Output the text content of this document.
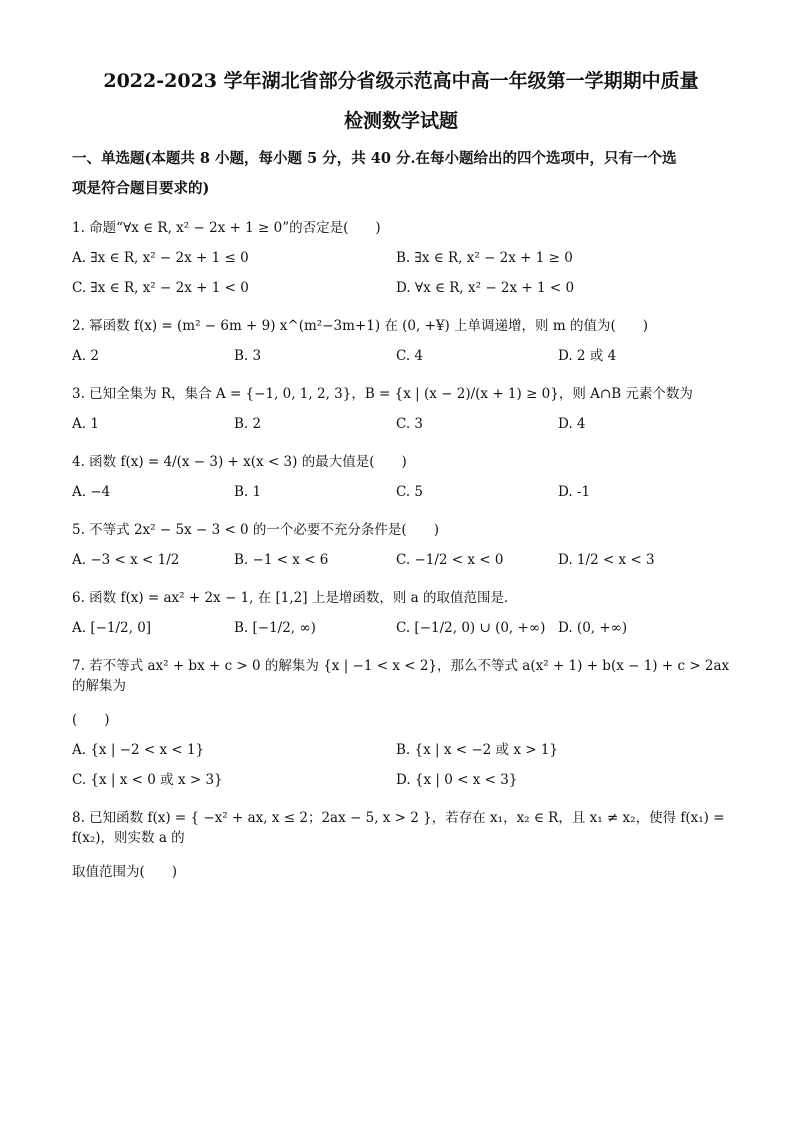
2022-2023 学年湖北省部分省级示范高中高一年级第一学期期中质量
检测数学试题
一、单选题(本题共 8 小题，每小题 5 分，共 40 分.在每小题给出的四个选项中，只有一个选
项是符合题目要求的)
1. 命题“∀x ∈ R, x² − 2x + 1 ≥ 0”的否定是(　　)
A. ∃x ∈ R, x² − 2x + 1 ≤ 0	B. ∃x ∈ R, x² − 2x + 1 ≥ 0
C. ∃x ∈ R, x² − 2x + 1 < 0	D. ∀x ∈ R, x² − 2x + 1 < 0
2. 幂函数 f(x) = (m² − 6m + 9) x^(m²−3m+1) 在 (0, +¥) 上单调递增，则 m 的值为(　　)
A. 2	B. 3	C. 4	D. 2 或 4
3. 已知全集为 R，集合 A = {−1, 0, 1, 2, 3}，B = {x | (x − 2)/(x + 1) ≥ 0}，则 A∩B 元素个数为
A. 1	B. 2	C. 3	D. 4
4. 函数 f(x) = 4/(x − 3) + x(x < 3) 的最大值是(　　)
A. −4	B. 1	C. 5	D. -1
5. 不等式 2x² − 5x − 3 < 0 的一个必要不充分条件是(　　)
A. −3 < x < 1/2	B. −1 < x < 6	C. −1/2 < x < 0	D. 1/2 < x < 3
6. 函数 f(x) = ax² + 2x − 1, 在 [1,2] 上是增函数，则 a 的取值范围是．
A. [−1/2, 0]	B. [−1/2, ∞)	C. [−1/2, 0) ∪ (0, +∞) D. (0, +∞)
7. 若不等式 ax² + bx + c > 0 的解集为 {x | −1 < x < 2}，那么不等式 a(x² + 1) + b(x − 1) + c > 2ax 的解集为
(　　)
A. {x | −2 < x < 1}	B. {x | x < −2 或 x > 1}
C. {x | x < 0 或 x > 3}	D. {x | 0 < x < 3}
8. 已知函数 f(x) = { −x² + ax, x ≤ 2；2ax − 5, x > 2 }，若存在 x₁，x₂ ∈ R，且 x₁ ≠ x₂，使得 f(x₁) = f(x₂)，则实数 a 的
取值范围为(　　)
